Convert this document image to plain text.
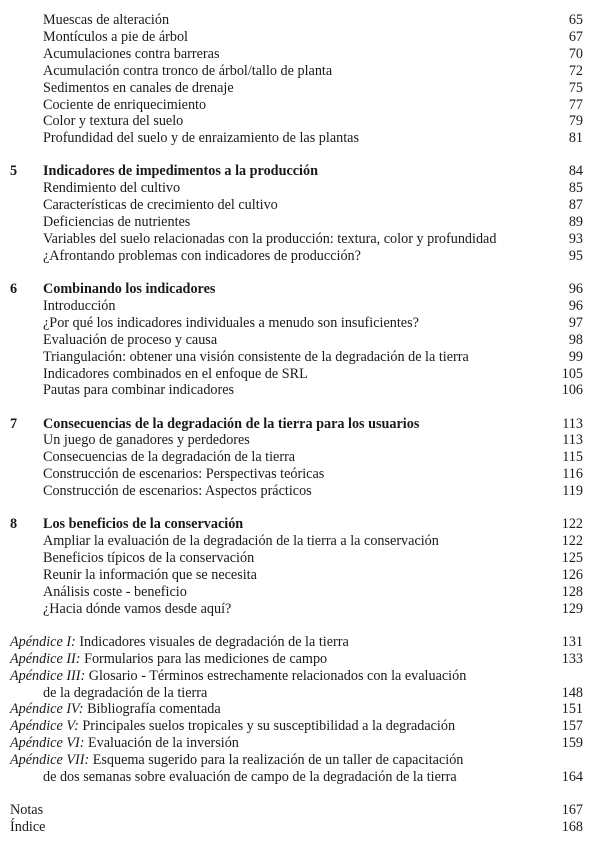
Muescas de alteración	65
Montículos a pie de árbol	67
Acumulaciones contra barreras	70
Acumulación contra tronco de árbol/tallo de planta	72
Sedimentos en canales de drenaje	75
Cociente de enriquecimiento	77
Color y textura del suelo	79
Profundidad del suelo y de enraizamiento de las plantas	81
5 Indicadores de impedimentos a la producción	84
Rendimiento del cultivo	85
Características de crecimiento del cultivo	87
Deficiencias de nutrientes	89
Variables del suelo relacionadas con la producción: textura, color y profundidad	93
¿Afrontando problemas con indicadores de producción?	95
6 Combinando los indicadores	96
Introducción	96
¿Por qué los indicadores individuales a menudo son insuficientes?	97
Evaluación de proceso y causa	98
Triangulación: obtener una visión consistente de la degradación de la tierra	99
Indicadores combinados en el enfoque de SRL	105
Pautas para combinar indicadores	106
7 Consecuencias de la degradación de la tierra para los usuarios	113
Un juego de ganadores y perdedores	113
Consecuencias de la degradación de la tierra	115
Construcción de escenarios: Perspectivas teóricas	116
Construcción de escenarios: Aspectos prácticos	119
8 Los beneficios de la conservación	122
Ampliar la evaluación de la degradación de la tierra a la conservación	122
Beneficios típicos de la conservación	125
Reunir la información que se necesita	126
Análisis coste - beneficio	128
¿Hacia dónde vamos desde aquí?	129
Apéndice I: Indicadores visuales de degradación de la tierra	131
Apéndice II: Formularios para las mediciones de campo	133
Apéndice III: Glosario - Términos estrechamente relacionados con la evaluación
de la degradación de la tierra	148
Apéndice IV: Bibliografía comentada	151
Apéndice V: Principales suelos tropicales y su susceptibilidad a la degradación	157
Apéndice VI: Evaluación de la inversión	159
Apéndice VII: Esquema sugerido para la realización de un taller de capacitación
de dos semanas sobre evaluación de campo de la degradación de la tierra	164
Notas	167
Índice	168
